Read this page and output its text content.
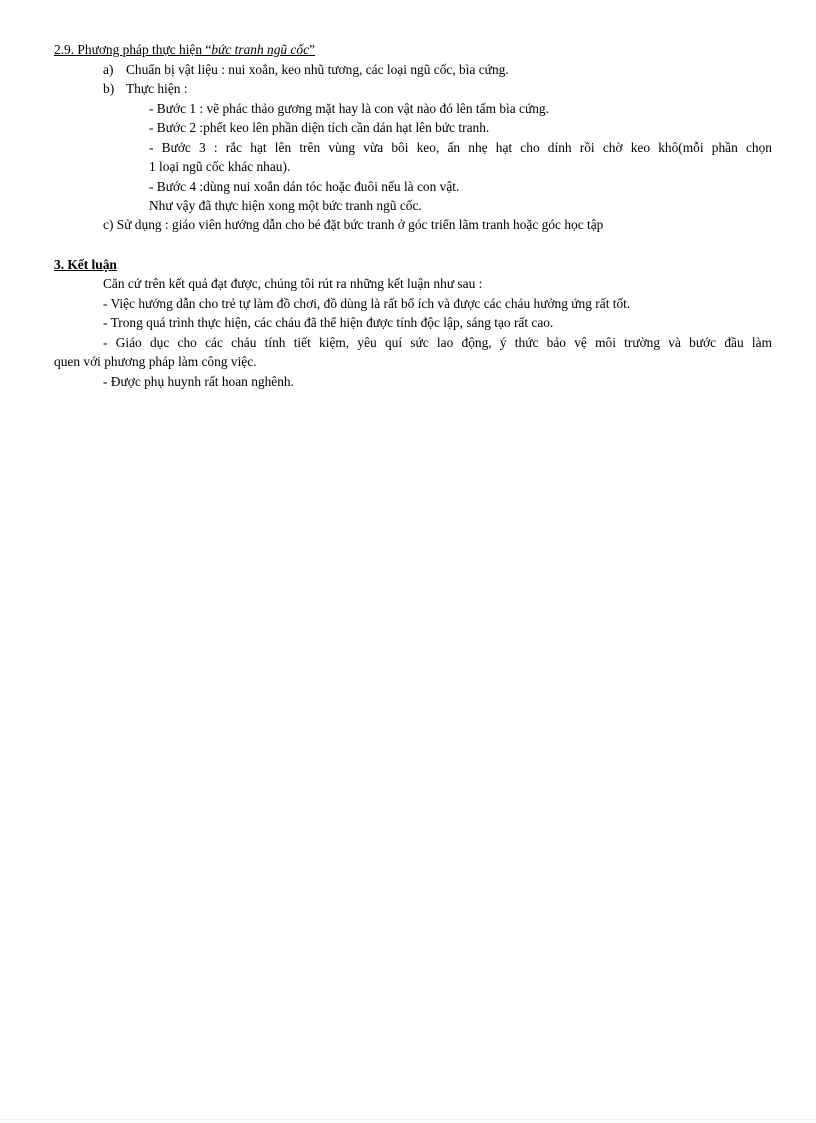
2.9. Phương pháp thực hiện “bức tranh ngũ cốc”
a) Chuẩn bị vật liệu : nui xoắn, keo nhũ tương, các loại ngũ cốc, bìa cứng.
b) Thực hiện :
- Bước 1 : vẽ phác thảo gương mặt hay là con vật nào đó lên tấm bìa cứng.
- Bước 2 :phết keo lên phần diện tích cần dán hạt lên bức tranh.
- Bước 3 : rắc hạt lên trên vùng vừa bôi keo, ấn nhẹ hạt cho dính rồi chờ keo khô(mỗi phần chọn
1 loại ngũ cốc khác nhau).
- Bước 4 :dùng nui xoắn dán tóc hoặc đuôi nếu là con vật.
Như vậy đã thực hiện xong một bức tranh ngũ cốc.
c) Sử dụng : giáo viên hướng dẫn cho bé đặt bức tranh ở góc triển lãm tranh hoặc góc học tập
3. Kết luận
Căn cứ trên kết quả đạt được, chúng tôi rút ra những kết luận như sau :
- Việc hướng dẫn cho trẻ tự làm đồ chơi, đồ dùng là rất bổ ích và được các cháu hưởng ứng rất tốt.
- Trong quá trình thực hiện, các cháu đã thể hiện được tính độc lập, sáng tạo rất cao.
- Giáo dục cho các cháu tính tiết kiệm, yêu quí sức lao động, ý thức bảo vệ môi trường và bước đầu làm
quen với phương pháp làm công việc.
- Được phụ huynh rất hoan nghênh.
